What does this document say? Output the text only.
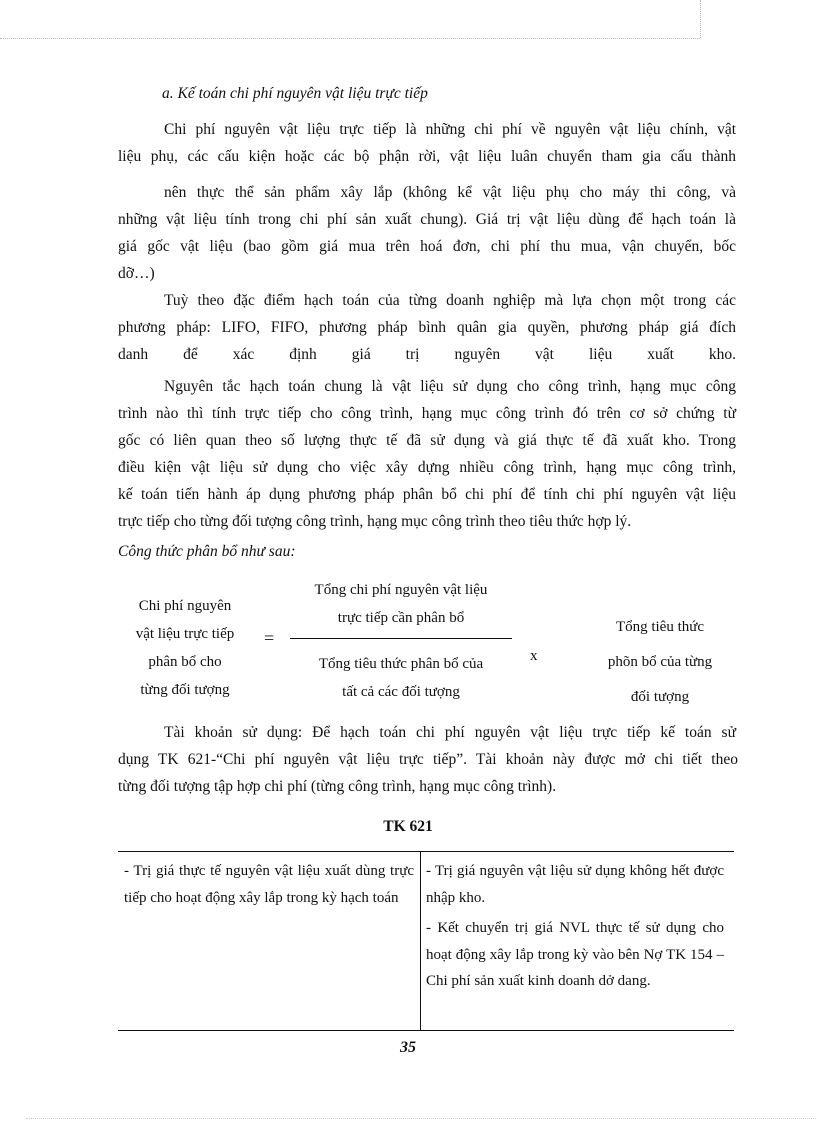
a. Kế toán chi phí nguyên vật liệu trực tiếp
Chi phí nguyên vật liệu trực tiếp là những chi phí về nguyên vật liệu chính, vật
liệu phụ, các cấu kiện hoặc các bộ phận rời, vật liệu luân chuyển tham gia cấu thành
nên thực thể sản phẩm xây lắp (không kể vật liệu phụ cho máy thi công, và
những vật liệu tính trong chi phí sản xuất chung). Giá trị vật liệu dùng để hạch toán là
giá gốc vật liệu (bao gồm giá mua trên hoá đơn, chi phí thu mua, vận chuyển, bốc
dỡ…)
Tuỳ theo đặc điểm hạch toán của từng doanh nghiệp mà lựa chọn một trong các
phương pháp: LIFO, FIFO, phương pháp bình quân gia quyền, phương pháp giá đích
danh để xác định giá trị nguyên vật liệu xuất kho.
Nguyên tắc hạch toán chung là vật liệu sử dụng cho công trình, hạng mục công
trình nào thì tính trực tiếp cho công trình, hạng mục công trình đó trên cơ sở chứng từ
gốc có liên quan theo số lượng thực tế đã sử dụng và giá thực tế đã xuất kho. Trong
điều kiện vật liệu sử dụng cho việc xây dựng nhiều công trình, hạng mục công trình,
kế toán tiến hành áp dụng phương pháp phân bổ chi phí để tính chi phí nguyên vật liệu
trực tiếp cho từng đối tượng công trình, hạng mục công trình theo tiêu thức hợp lý.
Công thức phân bổ như sau:
Chi phí nguyên
vật liệu trực tiếp
phân bổ cho
từng đối tượng
=
Tổng chi phí nguyên vật liệu
trực tiếp cần phân bổ
Tổng tiêu thức phân bổ của
tất cả các đối tượng
x
Tổng tiêu thức
phõn bổ của từng
đối tượng
Tài khoản sử dụng: Để hạch toán chi phí nguyên vật liệu trực tiếp kế toán sử
dụng TK 621-“Chi phí nguyên vật liệu trực tiếp”. Tài khoản này được mở chi tiết theo
từng đối tượng tập hợp chi phí (từng công trình, hạng mục công trình).
TK 621
- Trị giá thực tế nguyên vật liệu xuất dùng trực tiếp cho hoạt động xây lắp trong kỳ hạch toán

- Trị giá nguyên vật liệu sử dụng không hết được nhập kho.

- Kết chuyển trị giá NVL thực tế sử dụng cho hoạt động xây lắp trong kỳ vào bên Nợ TK 154 – Chi phí sản xuất kinh doanh dở dang.

35
